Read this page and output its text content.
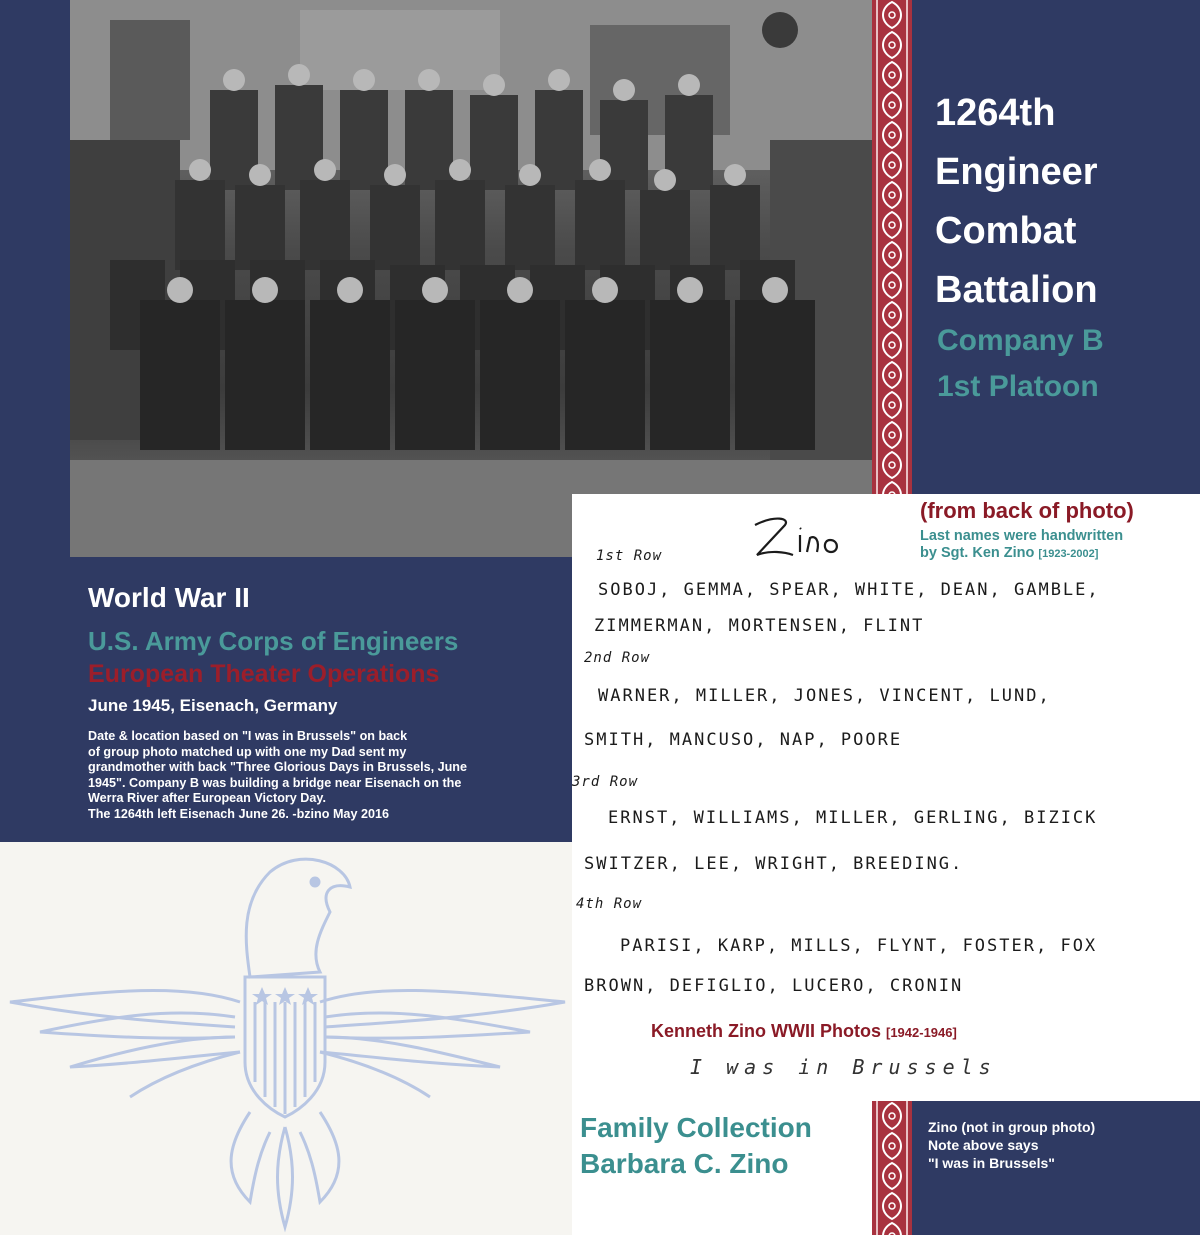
1264th
Engineer
Combat
Battalion
Company B
1st Platoon
World War II
U.S. Army Corps of Engineers
European Theater Operations
June 1945, Eisenach, Germany
Date & location based on "I was in Brussels" on back
of group photo matched up with one my Dad sent my
grandmother with back "Three Glorious Days in Brussels, June
1945". Company B was building a bridge near Eisenach on the
Werra River after European Victory Day.
The 1264th left Eisenach June 26. -bzino May 2016
(from back of photo)
Last names were handwritten
by Sgt. Ken Zino [1923-2002]
1st Row
SOBOJ, GEMMA, SPEAR, WHITE, DEAN, GAMBLE,
ZIMMERMAN, MORTENSEN, FLINT
2nd Row
WARNER, MILLER, JONES, VINCENT, LUND,
SMITH, MANCUSO, NAP, POORE
3rd Row
ERNST, WILLIAMS, MILLER, GERLING, BIZICK
SWITZER, LEE, WRIGHT, BREEDING.
4th Row
PARISI, KARP, MILLS, FLYNT, FOSTER, FOX
BROWN, DEFIGLIO, LUCERO, CRONIN
Kenneth Zino WWII Photos [1942-1946]
I was in Brussels
Family Collection
Barbara C. Zino
Zino (not in group photo)
Note above says
"I was in Brussels"
